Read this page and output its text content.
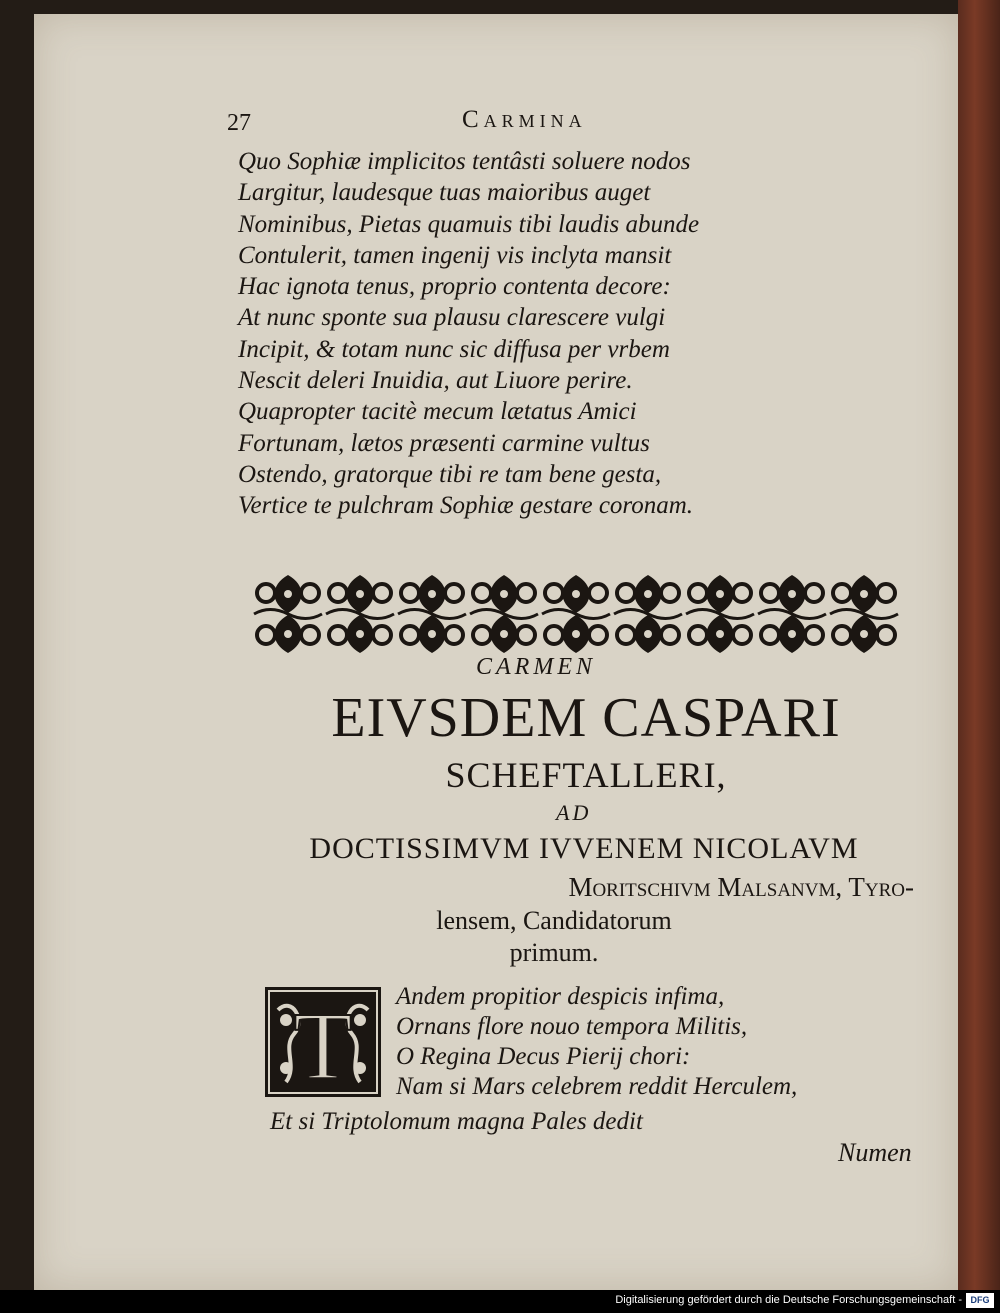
27	Carmina
Quo Sophiæ implicitos tentâsti soluere nodos
Largitur, laudesque tuas maioribus auget
Nominibus, Pietas quamuis tibi laudis abunde
Contulerit, tamen ingenij vis inclyta mansit
Hac ignota tenus, proprio contenta decore:
At nunc sponte sua plausu clarescere vulgi
Incipit, & totam nunc sic diffusa per vrbem
Nescit deleri Inuidia, aut Liuore perire.
Quapropter tacitè mecum lætatus Amici
Fortunam, lætos præsenti carmine vultus
Ostendo, gratorque tibi re tam bene gesta,
Vertice te pulchram Sophiæ gestare coronam.
CARMEN
EIVSDEM CASPARI
SCHEFTALLERI,
AD
DOCTISSIMVM IVVENEM NICOLAVM
Moritschivm Malsanvm, Tyro-
lensem, Candidatorum
primum.
T Andem propitior despicis infima,
Ornans flore nouo tempora Militis,
O Regina Decus Pierij chori:
Nam si Mars celebrem reddit Herculem,
Et si Triptolomum magna Pales dedit
Numen
Digitalisierung gefördert durch die Deutsche Forschungsgemeinschaft - DFG
